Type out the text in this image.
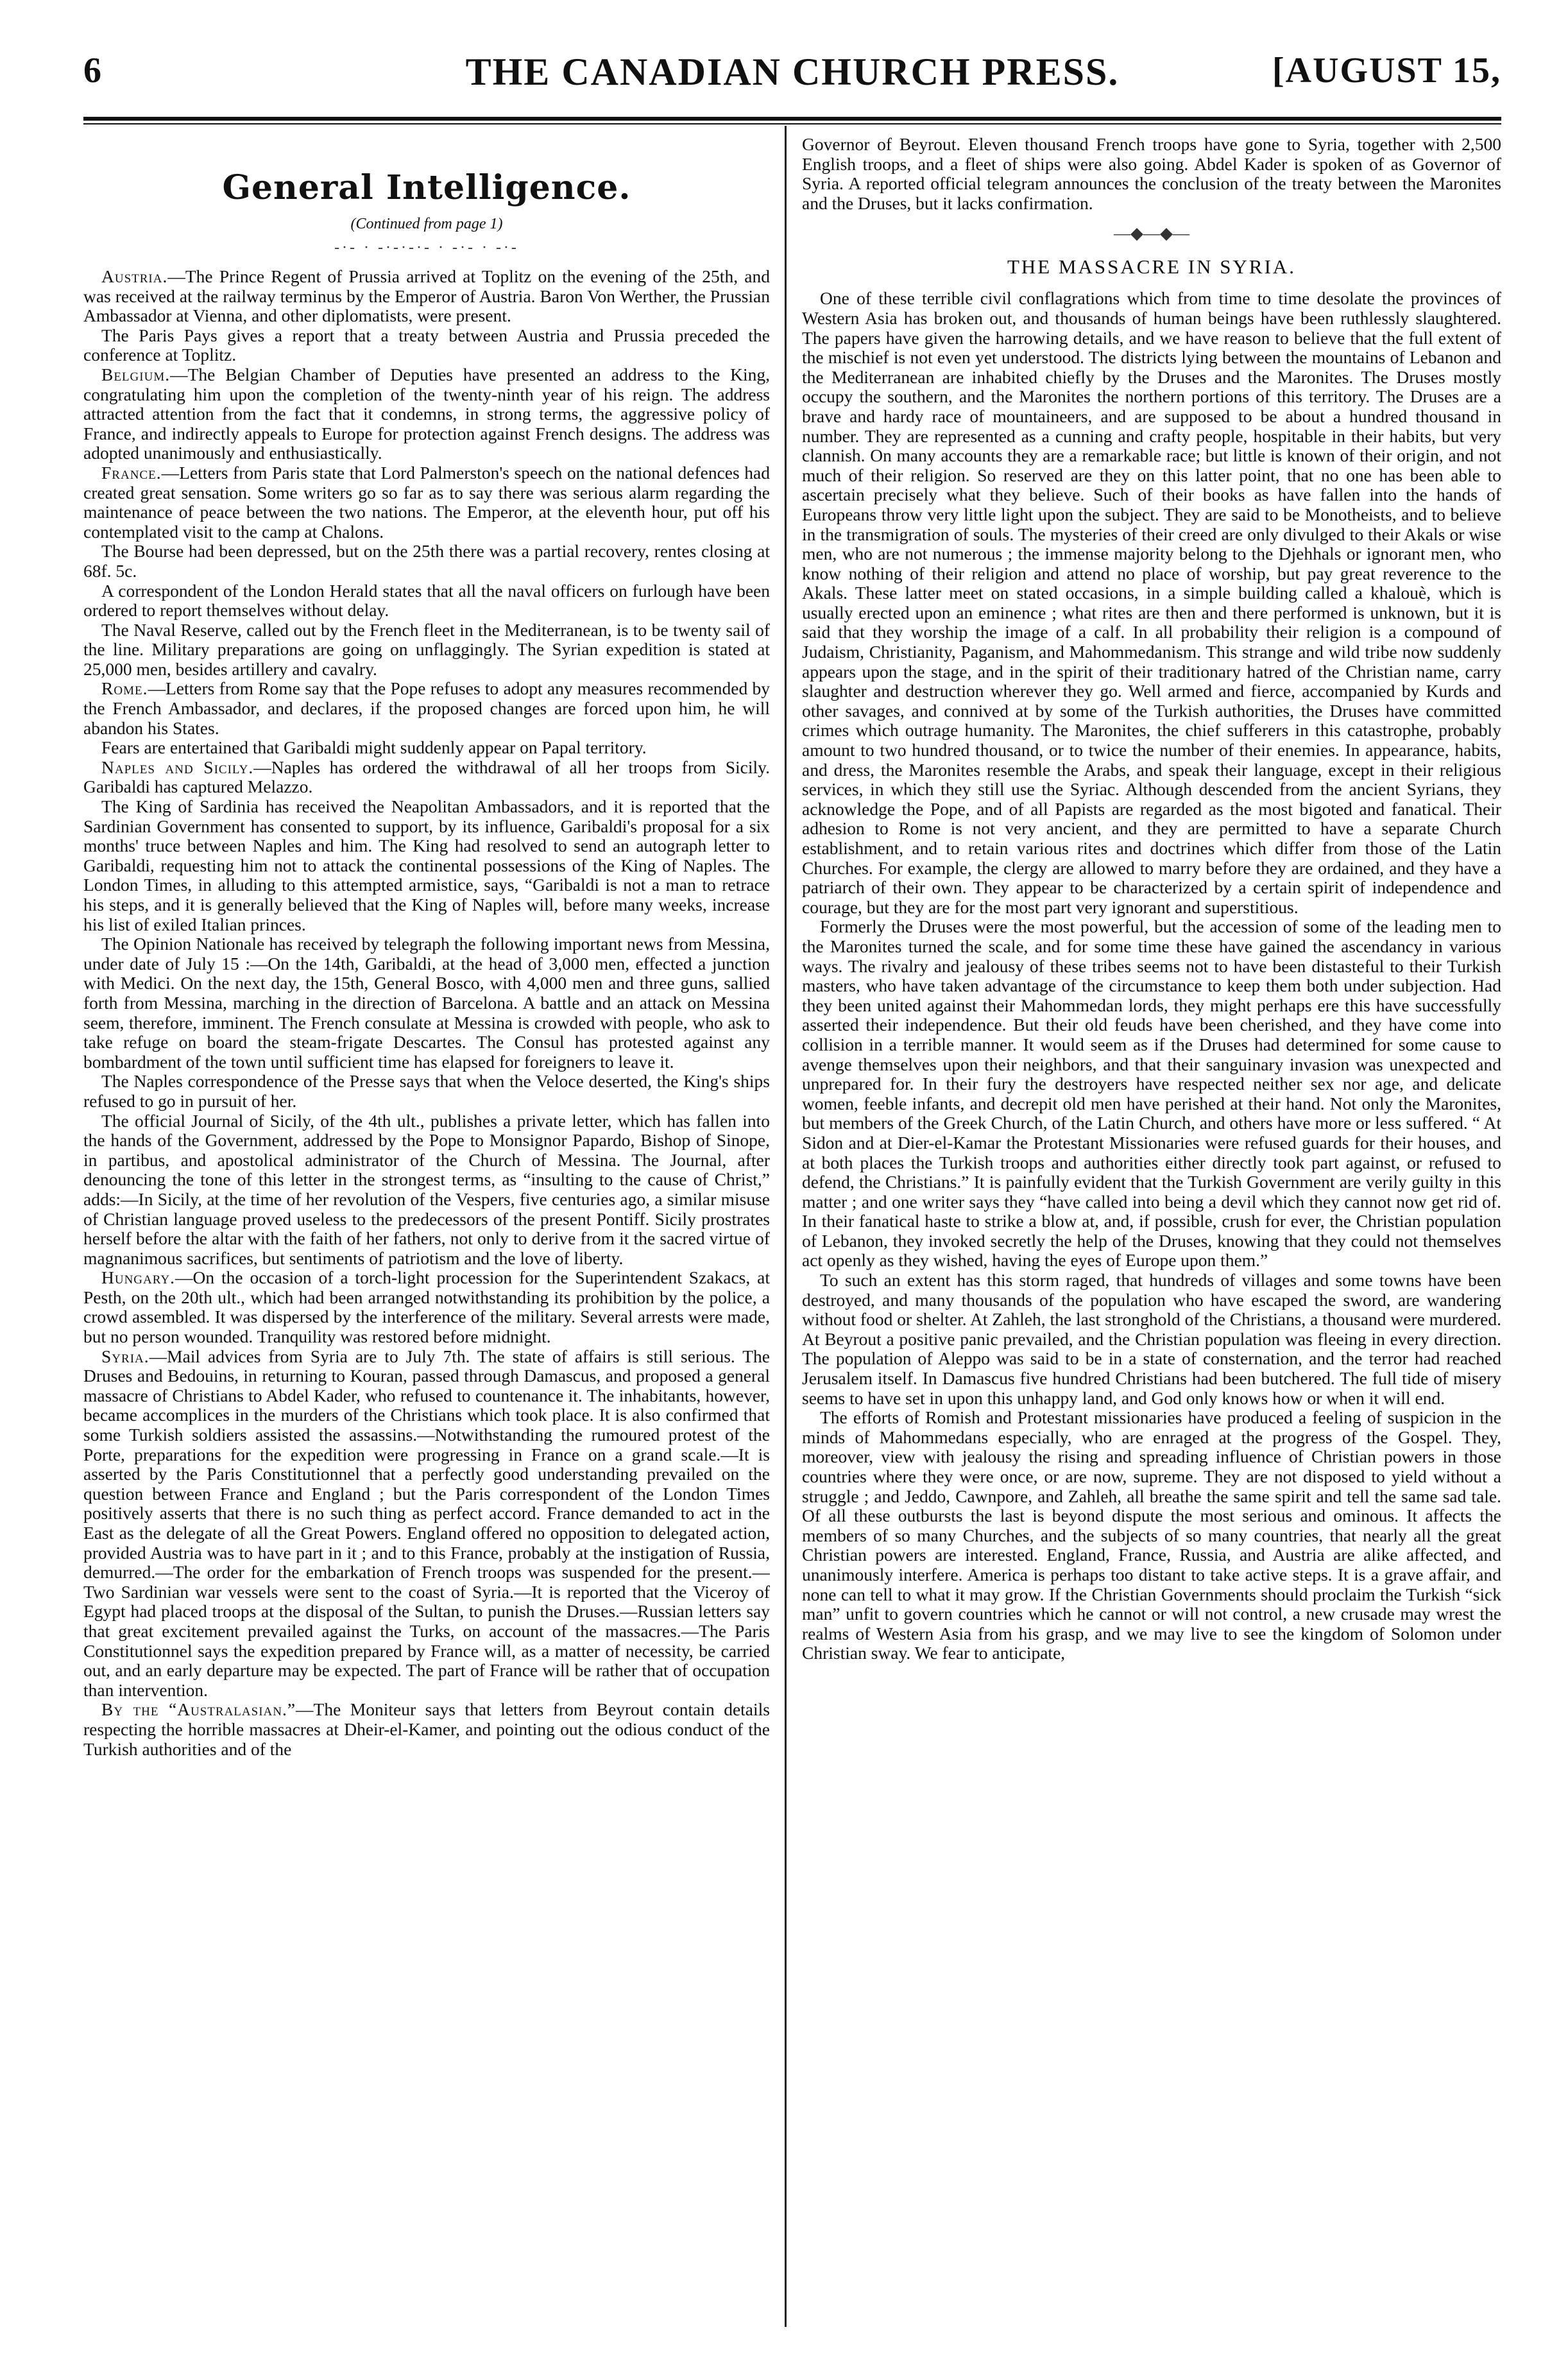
6	THE CANADIAN CHURCH PRESS.	[AUGUST 15,
General Intelligence.
(Continued from page 1)
-·- · -·-·-·- · -·- · -·-

Austria.—The Prince Regent of Prussia arrived at Toplitz on the evening of the 25th, and was received at the railway terminus by the Emperor of Austria. Baron Von Werther, the Prussian Ambassador at Vienna, and other diplomatists, were present.

The Paris Pays gives a report that a treaty between Austria and Prussia preceded the conference at Toplitz.

Belgium.—The Belgian Chamber of Deputies have presented an address to the King, congratulating him upon the completion of the twenty-ninth year of his reign. The address attracted attention from the fact that it condemns, in strong terms, the aggressive policy of France, and indirectly appeals to Europe for protection against French designs. The address was adopted unanimously and enthusiastically.

France.—Letters from Paris state that Lord Palmerston's speech on the national defences had created great sensation. Some writers go so far as to say there was serious alarm regarding the maintenance of peace between the two nations. The Emperor, at the eleventh hour, put off his contemplated visit to the camp at Chalons.

The Bourse had been depressed, but on the 25th there was a partial recovery, rentes closing at 68f. 5c.

A correspondent of the London Herald states that all the naval officers on furlough have been ordered to report themselves without delay.

The Naval Reserve, called out by the French fleet in the Mediterranean, is to be twenty sail of the line. Military preparations are going on unflaggingly. The Syrian expedition is stated at 25,000 men, besides artillery and cavalry.

Rome.—Letters from Rome say that the Pope refuses to adopt any measures recommended by the French Ambassador, and declares, if the proposed changes are forced upon him, he will abandon his States.

Fears are entertained that Garibaldi might suddenly appear on Papal territory.

Naples and Sicily.—Naples has ordered the withdrawal of all her troops from Sicily. Garibaldi has captured Melazzo.

The King of Sardinia has received the Neapolitan Ambassadors, and it is reported that the Sardinian Government has consented to support, by its influence, Garibaldi's proposal for a six months' truce between Naples and him. The King had resolved to send an autograph letter to Garibaldi, requesting him not to attack the continental possessions of the King of Naples. The London Times, in alluding to this attempted armistice, says, “Garibaldi is not a man to retrace his steps, and it is generally believed that the King of Naples will, before many weeks, increase his list of exiled Italian princes.

The Opinion Nationale has received by telegraph the following important news from Messina, under date of July 15 :—On the 14th, Garibaldi, at the head of 3,000 men, effected a junction with Medici. On the next day, the 15th, General Bosco, with 4,000 men and three guns, sallied forth from Messina, marching in the direction of Barcelona. A battle and an attack on Messina seem, therefore, imminent. The French consulate at Messina is crowded with people, who ask to take refuge on board the steam-frigate Descartes. The Consul has protested against any bombardment of the town until sufficient time has elapsed for foreigners to leave it.

The Naples correspondence of the Presse says that when the Veloce deserted, the King's ships refused to go in pursuit of her.

The official Journal of Sicily, of the 4th ult., publishes a private letter, which has fallen into the hands of the Government, addressed by the Pope to Monsignor Papardo, Bishop of Sinope, in partibus, and apostolical administrator of the Church of Messina. The Journal, after denouncing the tone of this letter in the strongest terms, as “insulting to the cause of Christ,” adds:—In Sicily, at the time of her revolution of the Vespers, five centuries ago, a similar misuse of Christian language proved useless to the predecessors of the present Pontiff. Sicily prostrates herself before the altar with the faith of her fathers, not only to derive from it the sacred virtue of magnanimous sacrifices, but sentiments of patriotism and the love of liberty.

Hungary.—On the occasion of a torch-light procession for the Superintendent Szakacs, at Pesth, on the 20th ult., which had been arranged notwithstanding its prohibition by the police, a crowd assembled. It was dispersed by the interference of the military. Several arrests were made, but no person wounded. Tranquility was restored before midnight.

Syria.—Mail advices from Syria are to July 7th. The state of affairs is still serious. The Druses and Bedouins, in returning to Kouran, passed through Damascus, and proposed a general massacre of Christians to Abdel Kader, who refused to countenance it. The inhabitants, however, became accomplices in the murders of the Christians which took place. It is also confirmed that some Turkish soldiers assisted the assassins.—Notwithstanding the rumoured protest of the Porte, preparations for the expedition were progressing in France on a grand scale.—It is asserted by the Paris Constitutionnel that a perfectly good understanding prevailed on the question between France and England ; but the Paris correspondent of the London Times positively asserts that there is no such thing as perfect accord. France demanded to act in the East as the delegate of all the Great Powers. England offered no opposition to delegated action, provided Austria was to have part in it ; and to this France, probably at the instigation of Russia, demurred.—The order for the embarkation of French troops was suspended for the present.—Two Sardinian war vessels were sent to the coast of Syria.—It is reported that the Viceroy of Egypt had placed troops at the disposal of the Sultan, to punish the Druses.—Russian letters say that great excitement prevailed against the Turks, on account of the massacres.—The Paris Constitutionnel says the expedition prepared by France will, as a matter of necessity, be carried out, and an early departure may be expected. The part of France will be rather that of occupation than intervention.

By the “Australasian.”—The Moniteur says that letters from Beyrout contain details respecting the horrible massacres at Dheir-el-Kamer, and pointing out the odious conduct of the Turkish authorities and of the

Governor of Beyrout. Eleven thousand French troops have gone to Syria, together with 2,500 English troops, and a fleet of ships were also going. Abdel Kader is spoken of as Governor of Syria. A reported official telegram announces the conclusion of the treaty between the Maronites and the Druses, but it lacks confirmation.

—◆—◆—
THE MASSACRE IN SYRIA.

One of these terrible civil conflagrations which from time to time desolate the provinces of Western Asia has broken out, and thousands of human beings have been ruthlessly slaughtered. The papers have given the harrowing details, and we have reason to believe that the full extent of the mischief is not even yet understood. The districts lying between the mountains of Lebanon and the Mediterranean are inhabited chiefly by the Druses and the Maronites. The Druses mostly occupy the southern, and the Maronites the northern portions of this territory. The Druses are a brave and hardy race of mountaineers, and are supposed to be about a hundred thousand in number. They are represented as a cunning and crafty people, hospitable in their habits, but very clannish. On many accounts they are a remarkable race; but little is known of their origin, and not much of their religion. So reserved are they on this latter point, that no one has been able to ascertain precisely what they believe. Such of their books as have fallen into the hands of Europeans throw very little light upon the subject. They are said to be Monotheists, and to believe in the transmigration of souls. The mysteries of their creed are only divulged to their Akals or wise men, who are not numerous ; the immense majority belong to the Djehhals or ignorant men, who know nothing of their religion and attend no place of worship, but pay great reverence to the Akals. These latter meet on stated occasions, in a simple building called a khalouè, which is usually erected upon an eminence ; what rites are then and there performed is unknown, but it is said that they worship the image of a calf. In all probability their religion is a compound of Judaism, Christianity, Paganism, and Mahommedanism. This strange and wild tribe now suddenly appears upon the stage, and in the spirit of their traditionary hatred of the Christian name, carry slaughter and destruction wherever they go. Well armed and fierce, accompanied by Kurds and other savages, and connived at by some of the Turkish authorities, the Druses have committed crimes which outrage humanity. The Maronites, the chief sufferers in this catastrophe, probably amount to two hundred thousand, or to twice the number of their enemies. In appearance, habits, and dress, the Maronites resemble the Arabs, and speak their language, except in their religious services, in which they still use the Syriac. Although descended from the ancient Syrians, they acknowledge the Pope, and of all Papists are regarded as the most bigoted and fanatical. Their adhesion to Rome is not very ancient, and they are permitted to have a separate Church establishment, and to retain various rites and doctrines which differ from those of the Latin Churches. For example, the clergy are allowed to marry before they are ordained, and they have a patriarch of their own. They appear to be characterized by a certain spirit of independence and courage, but they are for the most part very ignorant and superstitious.

Formerly the Druses were the most powerful, but the accession of some of the leading men to the Maronites turned the scale, and for some time these have gained the ascendancy in various ways. The rivalry and jealousy of these tribes seems not to have been distasteful to their Turkish masters, who have taken advantage of the circumstance to keep them both under subjection. Had they been united against their Mahommedan lords, they might perhaps ere this have successfully asserted their independence. But their old feuds have been cherished, and they have come into collision in a terrible manner. It would seem as if the Druses had determined for some cause to avenge themselves upon their neighbors, and that their sanguinary invasion was unexpected and unprepared for. In their fury the destroyers have respected neither sex nor age, and delicate women, feeble infants, and decrepit old men have perished at their hand. Not only the Maronites, but members of the Greek Church, of the Latin Church, and others have more or less suffered. “ At Sidon and at Dier-el-Kamar the Protestant Missionaries were refused guards for their houses, and at both places the Turkish troops and authorities either directly took part against, or refused to defend, the Christians.” It is painfully evident that the Turkish Government are verily guilty in this matter ; and one writer says they “have called into being a devil which they cannot now get rid of. In their fanatical haste to strike a blow at, and, if possible, crush for ever, the Christian population of Lebanon, they invoked secretly the help of the Druses, knowing that they could not themselves act openly as they wished, having the eyes of Europe upon them.”

To such an extent has this storm raged, that hundreds of villages and some towns have been destroyed, and many thousands of the population who have escaped the sword, are wandering without food or shelter. At Zahleh, the last stronghold of the Christians, a thousand were murdered. At Beyrout a positive panic prevailed, and the Christian population was fleeing in every direction. The population of Aleppo was said to be in a state of consternation, and the terror had reached Jerusalem itself. In Damascus five hundred Christians had been butchered. The full tide of misery seems to have set in upon this unhappy land, and God only knows how or when it will end.

The efforts of Romish and Protestant missionaries have produced a feeling of suspicion in the minds of Mahommedans especially, who are enraged at the progress of the Gospel. They, moreover, view with jealousy the rising and spreading influence of Christian powers in those countries where they were once, or are now, supreme. They are not disposed to yield without a struggle ; and Jeddo, Cawnpore, and Zahleh, all breathe the same spirit and tell the same sad tale. Of all these outbursts the last is beyond dispute the most serious and ominous. It affects the members of so many Churches, and the subjects of so many countries, that nearly all the great Christian powers are interested. England, France, Russia, and Austria are alike affected, and unanimously interfere. America is perhaps too distant to take active steps. It is a grave affair, and none can tell to what it may grow. If the Christian Governments should proclaim the Turkish “sick man” unfit to govern countries which he cannot or will not control, a new crusade may wrest the realms of Western Asia from his grasp, and we may live to see the kingdom of Solomon under Christian sway. We fear to anticipate,
